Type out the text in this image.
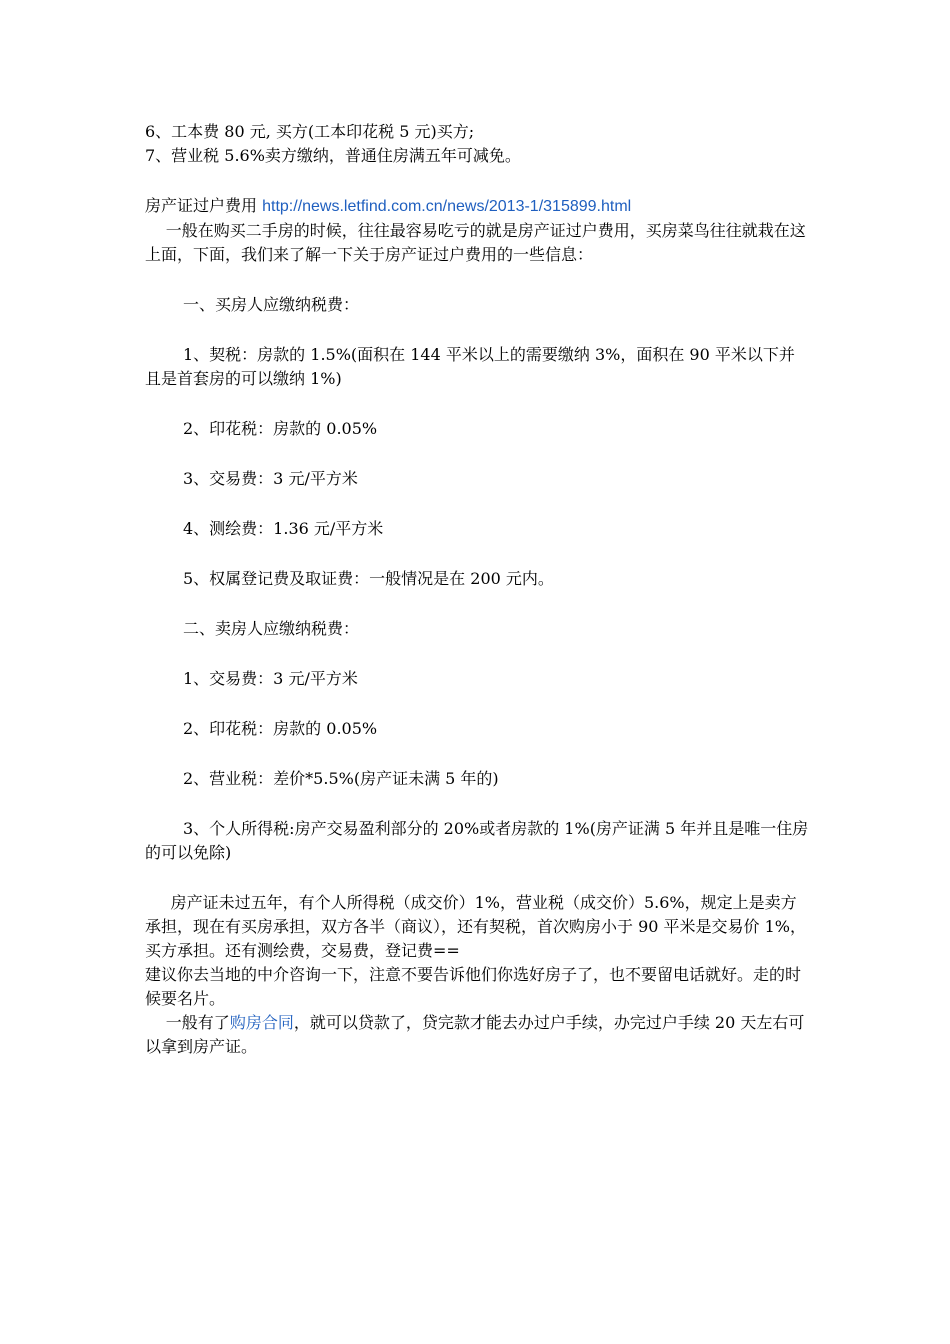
6、工本费 80 元, 买方(工本印花税 5 元)买方;
7、营业税 5.6%卖方缴纳，普通住房满五年可减免。
房产证过户费用 http://news.letfind.com.cn/news/2013-1/315899.html
一般在购买二手房的时候，往往最容易吃亏的就是房产证过户费用，买房菜鸟往往就栽在这上面，下面，我们来了解一下关于房产证过户费用的一些信息：
一、买房人应缴纳税费：
1、契税：房款的 1.5%(面积在 144 平米以上的需要缴纳 3%，面积在 90 平米以下并且是首套房的可以缴纳 1%)
2、印花税：房款的 0.05%
3、交易费：3 元/平方米
4、测绘费：1.36 元/平方米
5、权属登记费及取证费：一般情况是在 200 元内。
二、卖房人应缴纳税费：
1、交易费：3 元/平方米
2、印花税：房款的 0.05%
2、营业税：差价*5.5%(房产证未满 5 年的)
3、个人所得税:房产交易盈利部分的 20%或者房款的 1%(房产证满 5 年并且是唯一住房的可以免除)
房产证未过五年，有个人所得税（成交价）1%，营业税（成交价）5.6%，规定上是卖方承担，现在有买房承担，双方各半（商议），还有契税，首次购房小于 90 平米是交易价 1%，买方承担。还有测绘费，交易费，登记费==
建议你去当地的中介咨询一下，注意不要告诉他们你选好房子了，也不要留电话就好。走的时候要名片。
一般有了购房合同，就可以贷款了，贷完款才能去办过户手续，办完过户手续 20 天左右可以拿到房产证。
